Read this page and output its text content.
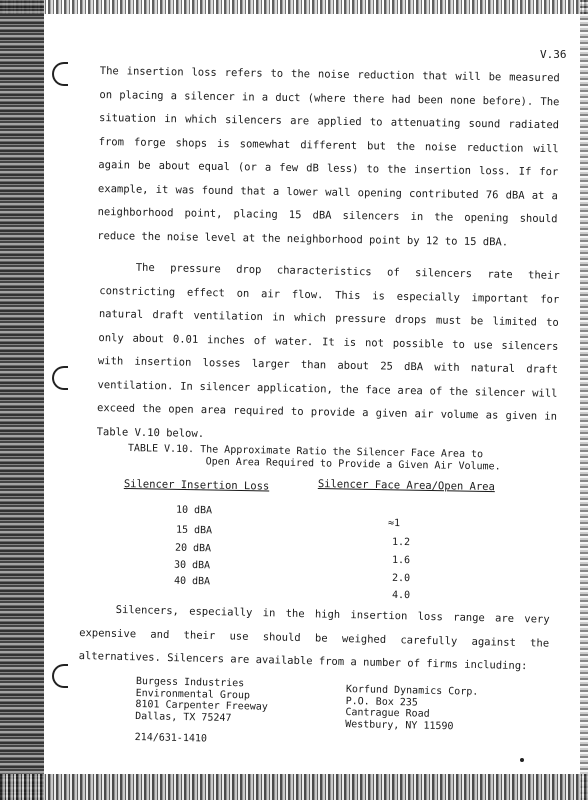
V.36

The insertion loss refers to the noise reduction that will be measured on placing a silencer in a duct (where there had been none before). The situation in which silencers are applied to attenuating sound radiated from forge shops is somewhat different but the noise reduction will again be about equal (or a few dB less) to the insertion loss. If for example, it was found that a lower wall opening contributed 76 dBA at a neighborhood point, placing 15 dBA silencers in the opening should reduce the noise level at the neighborhood point by 12 to 15 dBA.

The pressure drop characteristics of silencers rate their constricting effect on air flow. This is especially important for natural draft ventilation in which pressure drops must be limited to only about 0.01 inches of water. It is not possible to use silencers with insertion losses larger than about 25 dBA with natural draft ventilation. In silencer application, the face area of the silencer will exceed the open area required to provide a given air volume as given in Table V.10 below.

TABLE V.10. The Approximate Ratio the Silencer Face Area to
Open Area Required to Provide a Given Air Volume.
Silencer Insertion Loss	Silencer Face Area/Open Area
10 dBA
15 dBA
20 dBA
30 dBA
40 dBA
≈1
1.2
1.6
2.0
4.0

Silencers, especially in the high insertion loss range are very expensive and their use should be weighed carefully against the alternatives. Silencers are available from a number of firms including:

Burgess Industries
Environmental Group
8101 Carpenter Freeway
Dallas, TX 75247
214/631-1410
Korfund Dynamics Corp.
P.O. Box 235
Cantrague Road
Westbury, NY 11590
